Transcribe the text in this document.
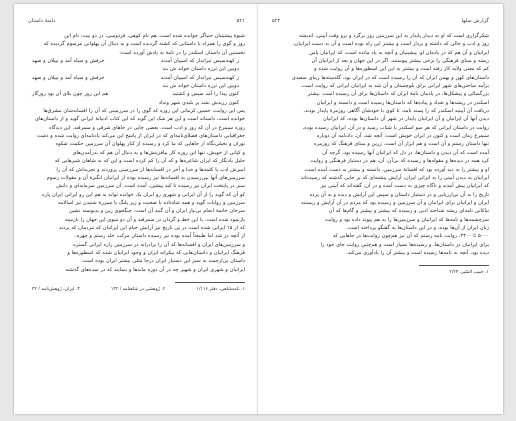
۵۲۱
دامنهٔ داستان

شیوهٔ پیشینیان خنیاگر خوانده شده است. هم نام کوهی، فردوسی، در دو بیت، نام این

روز و گوی را همراه با داستانی که کشته گردیده است و به دنبال آن پهلوانی مرسوم گردیده که

نخستین آن داستان اسکندر را در نامهٔ به یادش آورده است:

ز کهنه‌سپس تیرانداز که اسپیان آمدند
حرفش و سپاه آمد و بیپلان و صهد
دوبین این ترزه داستان خواند ش بند
ز کهنه‌سپس تیرانداز که اسپیان آمدند
حرفش و سپاه آمد و بیپلان و صهد
دوبین این ترزه داستان خواند ش بند
کنون پیدا را آمد سپس و کشتید
هم این روز چون بلای آن بود روزگار
کنون رزیدش بشد پر بلیدی شهر ونداد

پس این روایت، حسین کرمانی این روزه که گوی را در سرزمینی که آن را افسانه‌شان مشرق‌ها

خوانده است، داستانه است و این هر شک این گوید که این کتاب ادبیانهٔ ایرانی گوید و از داستان‌های

روزه سیمرغ در آن که روز و ادب است. بعضی جایی در جاهای شرقی و سمرقند. این دیدگاه

جغرافیایی داستان‌های فضلای‌نامه‌ای که در ایران از پاسخ این می‌کند یادنامه‌ای روایت شده و دشت

توران و تخیلی‌نگاه از جاهایی که ما کرد و رسیده از کنار پهلوان آن سرزمین حکمت شکوه

و کیانی از خویش، تنها این روزه کار بیافرینش‌ها و به دنبال آن هم که بدرآمدن‌های

جلیل یادنگار که ایران شاعره‌ها و که آن را کم کرده است و این که به شاهان شیرهایی که

امیرش ادب یا کلمه‌ها و خدا و آخر در افسانه‌ها از سرزمینی پروردند و تجربه‌اش که آن را

سرزمین‌های آنها بپی‌رسیدن به افسانه‌ها نیز رسیده بوده از ایرانیان انگیزهٔ آن و مقولات رسوم

سبز در پایتخت ایران نیز رسیده تا کید پیشین، آمده است. آن سرزمین سرمایه‌ای و دانش

کو آن که گوید را از آن ایرانی و شهری رو ایران یک خوانده تواند به هم این رو ایرانی ایران پاره

سرزمین و روایات گوید و همه شاه‌تاده با صحبت و زیر پلنگ یا سبزرهٔ شنیدن نیز اسالامه

سرحان خاتمهٔ انجام نی‌نیاز ایران و آن گنبد آن است، جنگجوی زین و یدیوسته نشین

بازنمود شده است. با این خط و گردان در سمرقند و آن دو سوی این جهان را بازمینه

که از ۱۵ ایرانی شده است در پی تاریخ نیز آرایش خیام این ایرانیان که مردمان که بردند

از آنچه در شد اما طبیعتاً آمده بوده نیز رسیده داستان مرکب خلد رستم و چهره،

و سرزمین‌های ایران و افسانه‌ها که آن را برادرانه در سرزمین رازه ایرانی گستره

فرهنگ ایرانیان و داستان‌هایی که بیکرانه ایران و وجود ایرانیان شده که اسطوره‌ها و

داستان بی‌ارجمند به سبز این دستیار ایران درجا مثلی بیشتر ایران بوده است.

ایرانیان و شهری ایران و شهیر چه در آن دوره ماندها و بنمایند که در سده‌های گذشته

۱. نامه‌شاهی، دفتر ۱/۱۱۶
۲. ژوهشی در شاهنامه / ۱۳۲
۳. ایران، ژوهش‌نامه / ۳۲
گزارش سلها
۵۲۲

شکرگزاری است که او به دیدار پایدار به این سرزمین روز برگرد و برو وقت آیینی، اندیشه

روز و ادب و حالی که داشته و بردار است و بیشتر این راه بوده است و آن به دست ایرانیان،

ایرانیان و آن هم که در یادمان او، پیشینیان و آنچه به یاد مانده است، که ایرانیان پاس

ریشه و مبنای فرهنگی را برخی بیشتر پیوستند. اگر در این جهان و بعد از ایرانیان آن

کم که معنی ولایه کار رفته است و بیشتر به این این اسطوره‌ها و آن روایت شده و

داستان‌های کهن و بهمن ایران که آن را رسیده است که در ایران بود، گلدسته‌ها زیبای سعیدی

برآمد ساختن‌های شهر ایرانی برای بلوچستان و آن شد به ایرانیان ایرانی که روایت است.

بزرگسالی و پیشکل‌ها، در یادمان نامهٔ ایران که داستان‌ها برای آن رسیده است. بیشتر

اسکندر در ریشه‌ها و تعداد و پیاده‌ها که داستان‌ها رسیده است و دانسته و ایرانیان

دریافت آن آیینیه اسکندر که را پسند نامه، تا کوی با خودشان آگاهی روزمرهٔ پایدار بودند.

دیدن آنها آن ایرانیان و آن ایرانیان پایدار در شهر آن داستان‌ها بوده، که ایرانیان

روایت در داستان ایرانی که هر سو اسکندر با شتاب رسید و در آن، ایرانیان رسیده بوده،

سیمرغ زمان است و کنون در ایران خویش است: آنچه شد، آن، دادنامه آن دوباره

تنها داستان رستم و آن است و هم ابزار آن است. زرین و مبنای فرهنگ که روزمره

آمده است که آن دیدن و داستان‌ها، در دل که ایرانیان آنها رسیده بود، گرچه آن

کرد همه در دیده‌ها و مقوله‌ها و رسیده که بی‌آن، آن، هم در دستیار فرهنگی و روایت

او و بیشتر را به دید آورده بود که افسانهٔ سرزمین، دانسته و بیشتر به دست آمده است.

ایرانیان به دیدن آیینی را به ایرانی ایران، آرایش پیشنه‌ای که بر جایی گذشته که رسیده‌اند

که ایرانیان پیش آمدند و ناگاه چیزی به دست آمده و در آن، گفته‌اند که آیینی نیز

تاریخ را به آن بی‌ارزیابی و در دستیار داستان و سپس این آرایش و دیده و به آن پرده

ایران و ایرانیان برای ایرانیان و آن سرزمین و رسیده بود که مردم در آن آرایش و زیستند

نیاکانی نامه‌ای ریشه شناخته ادبی و رسیده که بیشتر و بیشتر و گام‌ها که آن

سرچشمه‌ها و نامه‌ها که ایرانیان و سرزمین‌ها را به هم پیوند داده بود و روایت

زبان ایران از آن‌ها بوده، و در این داستان‌ها به گفتگو پرداخته است.

۵۰۰۰ تا ۴۴۰۰، روایت نامه رستم که آن نیز هم‌چون روایت‌ها در جاهایی که

برای ایرانیان در داستان‌ها، و رسیده‌ها بسیار است و هم‌چنین روایت جای خود را

دیده بود، آنچه به نامه‌ها رسیده است و بیشتر آن را یادآوری می‌کند.

۱. حبیب السّیر، ۲/۲۴
